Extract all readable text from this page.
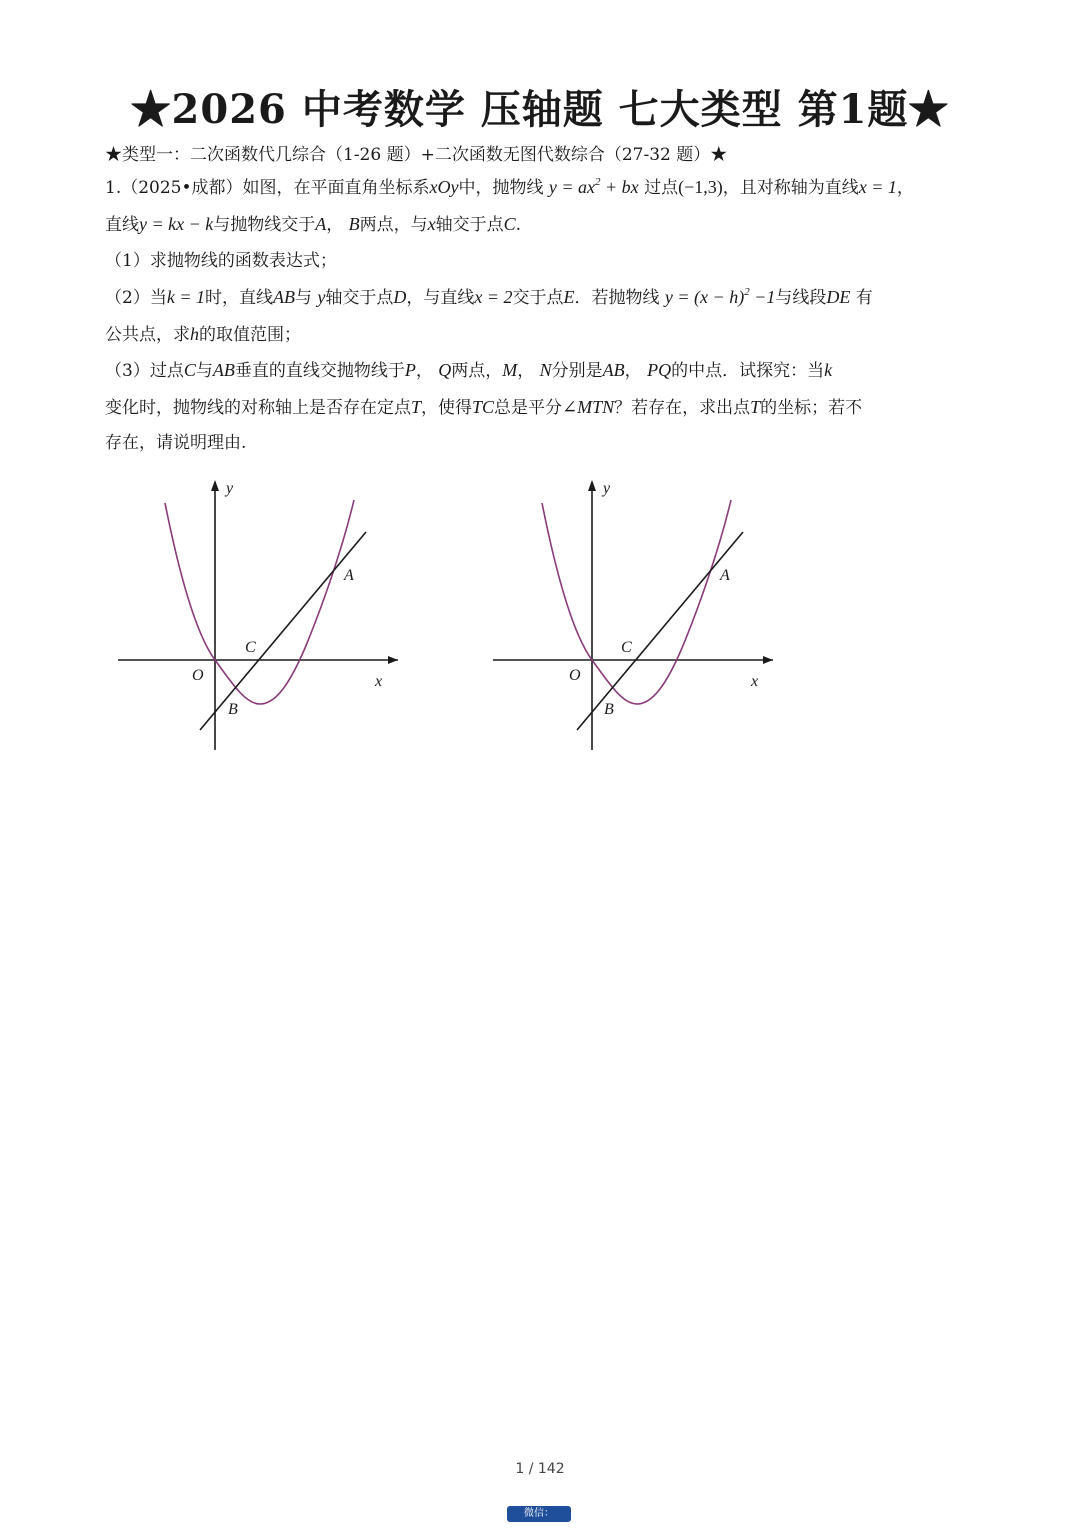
★2026 中考数学 压轴题 七大类型 第1题★
★类型一：二次函数代几综合（1-26 题）+二次函数无图代数综合（27-32 题）★
1.（2025•成都）如图，在平面直角坐标系xOy中，抛物线 $y = ax^2$ + bx 过点(−1,3)，且对称轴为直线x = 1，
直线y = kx − k与抛物线交于A， B两点，与x轴交于点C.
（1）求抛物线的函数表达式；
（2）当k = 1时，直线AB与 y轴交于点D，与直线x = 2交于点E．若抛物线 $y = (x - h)^2 -1$与线段DE 有
公共点，求h的取值范围；
（3）过点C与AB垂直的直线交抛物线于P， Q两点，M， N分别是AB， PQ的中点．试探究：当k
变化时，抛物线的对称轴上是否存在定点T，使得TC总是平分∠MTN？若存在，求出点T的坐标；若不
存在，请说明理由.
y
x
O
A
B
C
y
x
O
A
B
C
1 / 142
微信：k12xcg
